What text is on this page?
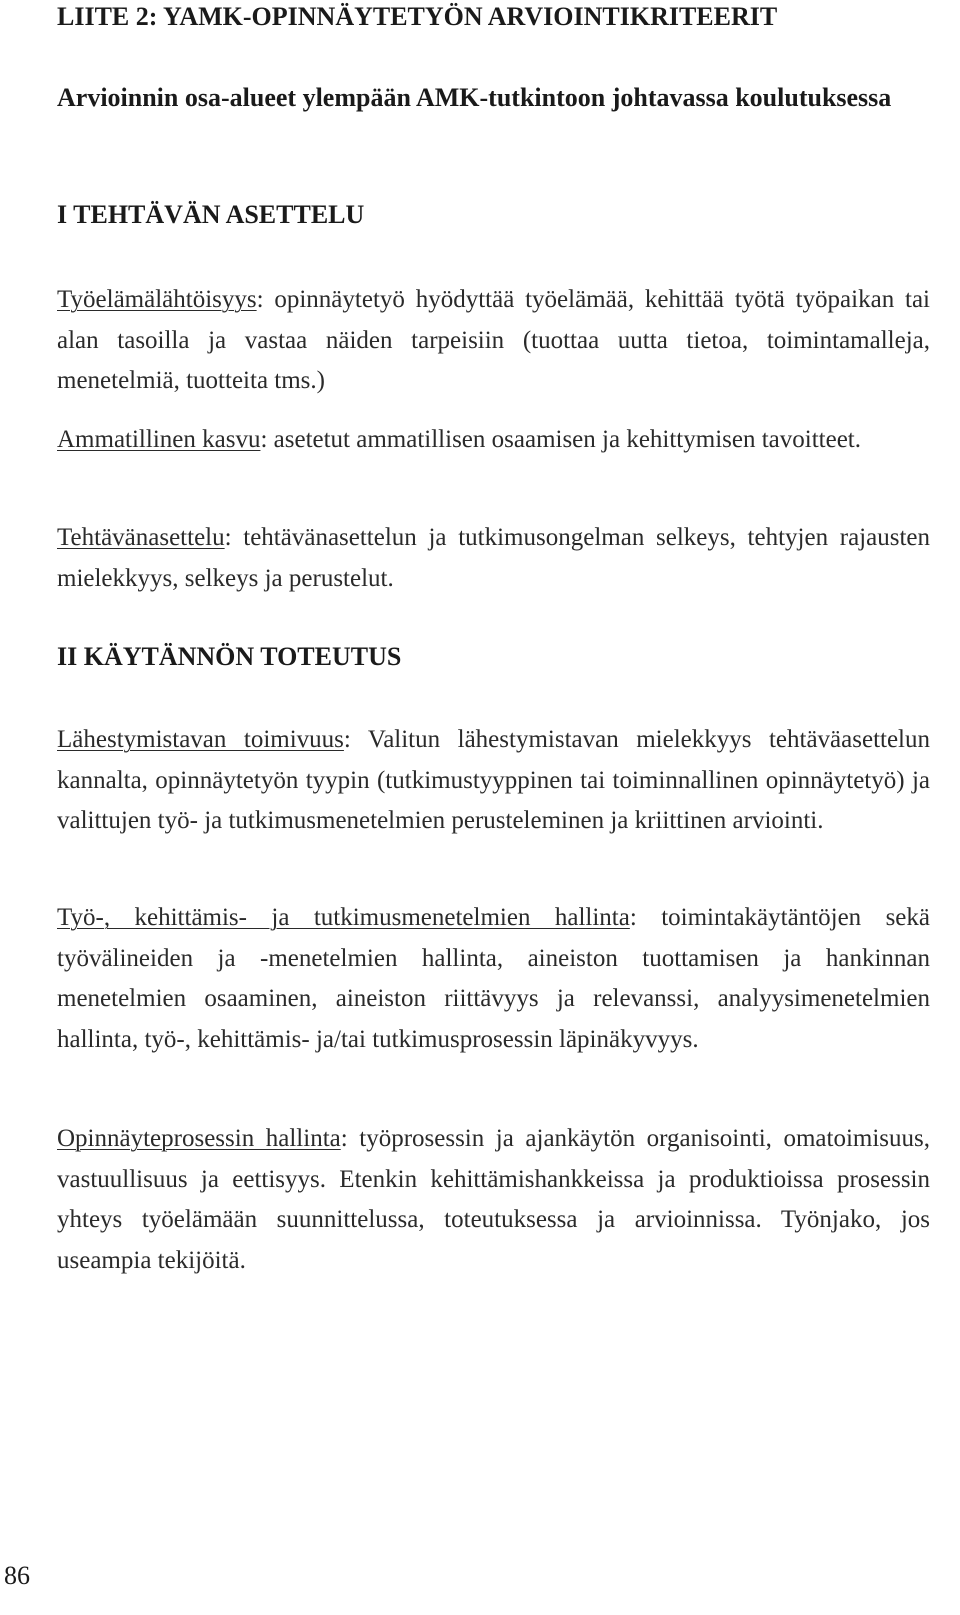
LIITE 2: YAMK-OPINNÄYTETYÖN ARVIOINTIKRITEERIT
Arvioinnin osa-alueet ylempään AMK-tutkintoon johtavassa koulutuksessa
I TEHTÄVÄN ASETTELU

Työelämälähtöisyys: opinnäytetyö hyödyttää työelämää, kehittää työtä työpaikan tai alan tasoilla ja vastaa näiden tarpeisiin (tuottaa uutta tietoa, toimintamalleja, menetelmiä, tuotteita tms.)

Ammatillinen kasvu: asetetut ammatillisen osaamisen ja kehittymisen tavoitteet.

Tehtävänasettelu: tehtävänasettelun ja tutkimusongelman selkeys, tehtyjen rajausten mielekkyys, selkeys ja perustelut.

II KÄYTÄNNÖN TOTEUTUS

Lähestymistavan toimivuus: Valitun lähestymistavan mielekkyys tehtäväasettelun kannalta, opinnäytetyön tyypin (tutkimustyyppinen tai toiminnallinen opinnäytetyö) ja valittujen työ- ja tutkimusmenetelmien perusteleminen ja kriittinen arviointi.

Työ-, kehittämis- ja tutkimusmenetelmien hallinta: toimintakäytäntöjen sekä työvälineiden ja -menetelmien hallinta, aineiston tuottamisen ja hankinnan menetelmien osaaminen, aineiston riittävyys ja relevanssi, analyysimenetelmien hallinta, työ-, kehittämis- ja/tai tutkimusprosessin läpinäkyvyys.

Opinnäyteprosessin hallinta: työprosessin ja ajankäytön organisointi, omatoimisuus, vastuullisuus ja eettisyys. Etenkin kehittämishankkeissa ja produktioissa prosessin yhteys työelämään suunnittelussa, toteutuksessa ja arvioinnissa. Työnjako, jos useampia tekijöitä.

86
